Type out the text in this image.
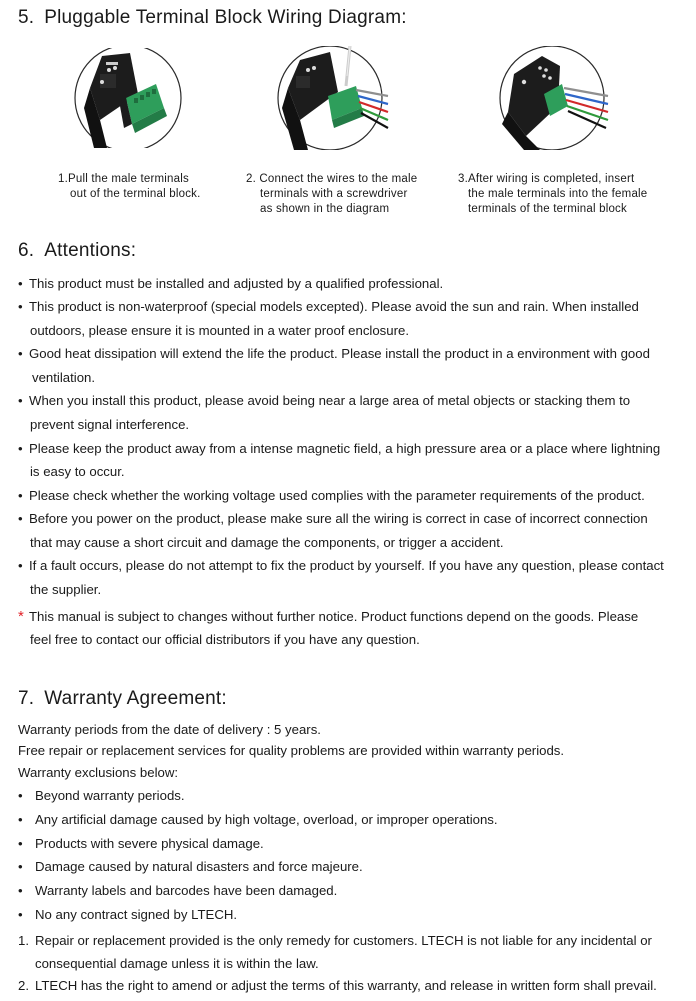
5. Pluggable Terminal Block Wiring Diagram:
1.Pull the male terminals
out of the terminal block.
2. Connect the wires to the male
terminals with a screwdriver
as shown in the diagram
3.After wiring is completed, insert
the male terminals into the female
terminals of the terminal block
6. Attentions:
• This product must be installed and adjusted by a qualified professional.
• This product is non-waterproof (special models excepted). Please avoid the sun and rain. When installed
outdoors, please ensure it is mounted in a water proof enclosure.
• Good heat dissipation will extend the life the product. Please install the product in a environment with good
ventilation.
• When you install this product, please avoid being near a large area of metal objects or stacking them to
prevent signal interference.
• Please keep the product away from a intense magnetic field, a high pressure area or a place where lightning
is easy to occur.
• Please check whether the working voltage used complies with the parameter requirements of the product.
• Before you power on the product, please make sure all the wiring is correct in case of incorrect connection
that may cause a short circuit and damage the components, or trigger a accident.
• If a fault occurs, please do not attempt to fix the product by yourself. If you have any question, please contact
the supplier.
* This manual is subject to changes without further notice. Product functions depend on the goods. Please
feel free to contact our official distributors if you have any question.
7. Warranty Agreement:
Warranty periods from the date of delivery : 5 years.
Free repair or replacement services for quality problems are provided within warranty periods.
Warranty exclusions below:
• Beyond warranty periods.
• Any artificial damage caused by high voltage, overload, or improper operations.
• Products with severe physical damage.
• Damage caused by natural disasters and force majeure.
• Warranty labels and barcodes have been damaged.
• No any contract signed by LTECH.
1. Repair or replacement provided is the only remedy for customers. LTECH is not liable for any incidental or
consequential damage unless it is within the law.
2. LTECH has the right to amend or adjust the terms of this warranty, and release in written form shall prevail.
